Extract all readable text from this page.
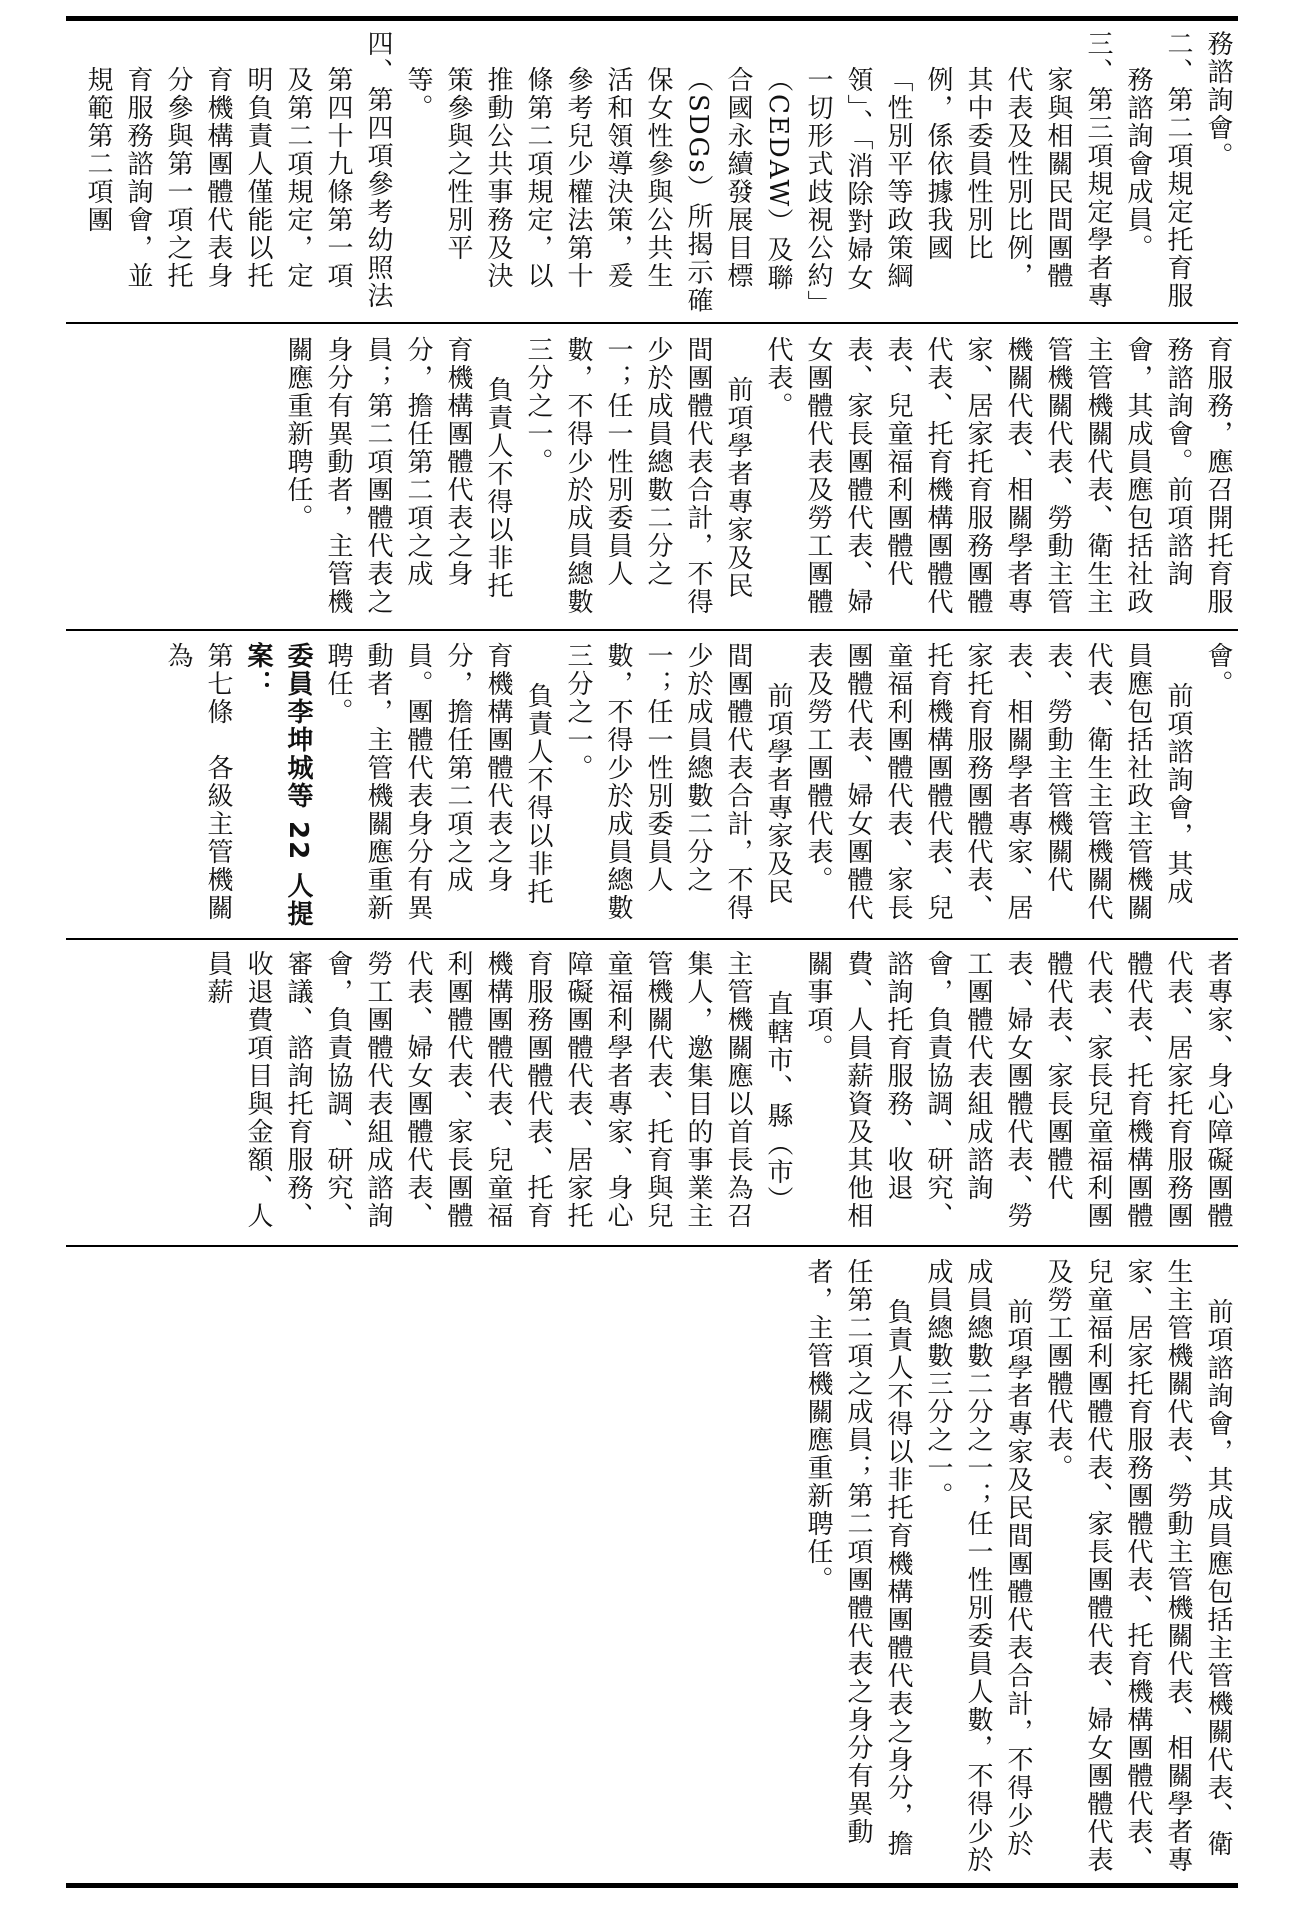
務諮詢會。

二、第二項規定托育服務諮詢會成員。

三、第三項規定學者專家與相關民間團體代表及性別比例，其中委員性別比例，係依據我國「性別平等政策綱領」、「消除對婦女一切形式歧視公約」（CEDAW）及聯合國永續發展目標（SDGs）所揭示確保女性參與公共生活和領導決策，爰參考兒少權法第十條第二項規定，以推動公共事務及決策參與之性別平等。

四、第四項參考幼照法第四十九條第一項及第二項規定，定明負責人僅能以托育機構團體代表身分參與第一項之托育服務諮詢會，並規範第二項團

育服務，應召開托育服務諮詢會。前項諮詢會，其成員應包括社政主管機關代表、衛生主管機關代表、勞動主管機關代表、相關學者專家、居家托育服務團體代表、托育機構團體代表、兒童福利團體代表、家長團體代表、婦女團體代表及勞工團體代表。

前項學者專家及民間團體代表合計，不得少於成員總數二分之一；任一性別委員人數，不得少於成員總數三分之一。

負責人不得以非托育機構團體代表之身分，擔任第二項之成員；第二項團體代表之身分有異動者，主管機關應重新聘任。

會。

前項諮詢會，其成員應包括社政主管機關代表、衛生主管機關代表、勞動主管機關代表、相關學者專家、居家托育服務團體代表、托育機構團體代表、兒童福利團體代表、家長團體代表、婦女團體代表及勞工團體代表。

前項學者專家及民間團體代表合計，不得少於成員總數二分之一；任一性別委員人數，不得少於成員總數三分之一。

負責人不得以非托育機構團體代表之身分，擔任第二項之成員。團體代表身分有異動者，主管機關應重新聘任。

委員李坤城等 22 人提案：

第七條　各級主管機關為

者專家、身心障礙團體代表、居家托育服務團體代表、托育機構團體代表、家長兒童福利團體代表、家長團體代表、婦女團體代表、勞工團體代表組成諮詢會，負責協調、研究、諮詢托育服務、收退費、人員薪資及其他相關事項。

直轄市、縣（市）主管機關應以首長為召集人，邀集目的事業主管機關代表、托育與兒童福利學者專家、身心障礙團體代表、居家托育服務團體代表、托育機構團體代表、兒童福利團體代表、家長團體代表、婦女團體代表、勞工團體代表組成諮詢會，負責協調、研究、審議、諮詢托育服務、收退費項目與金額、人員薪

前項諮詢會，其成員應包括主管機關代表、衛生主管機關代表、勞動主管機關代表、相關學者專家、居家托育服務團體代表、托育機構團體代表、兒童福利團體代表、家長團體代表、婦女團體代表及勞工團體代表。

前項學者專家及民間團體代表合計，不得少於成員總數二分之一；任一性別委員人數，不得少於成員總數三分之一。

負責人不得以非托育機構團體代表之身分，擔任第二項之成員；第二項團體代表之身分有異動者，主管機關應重新聘任。
